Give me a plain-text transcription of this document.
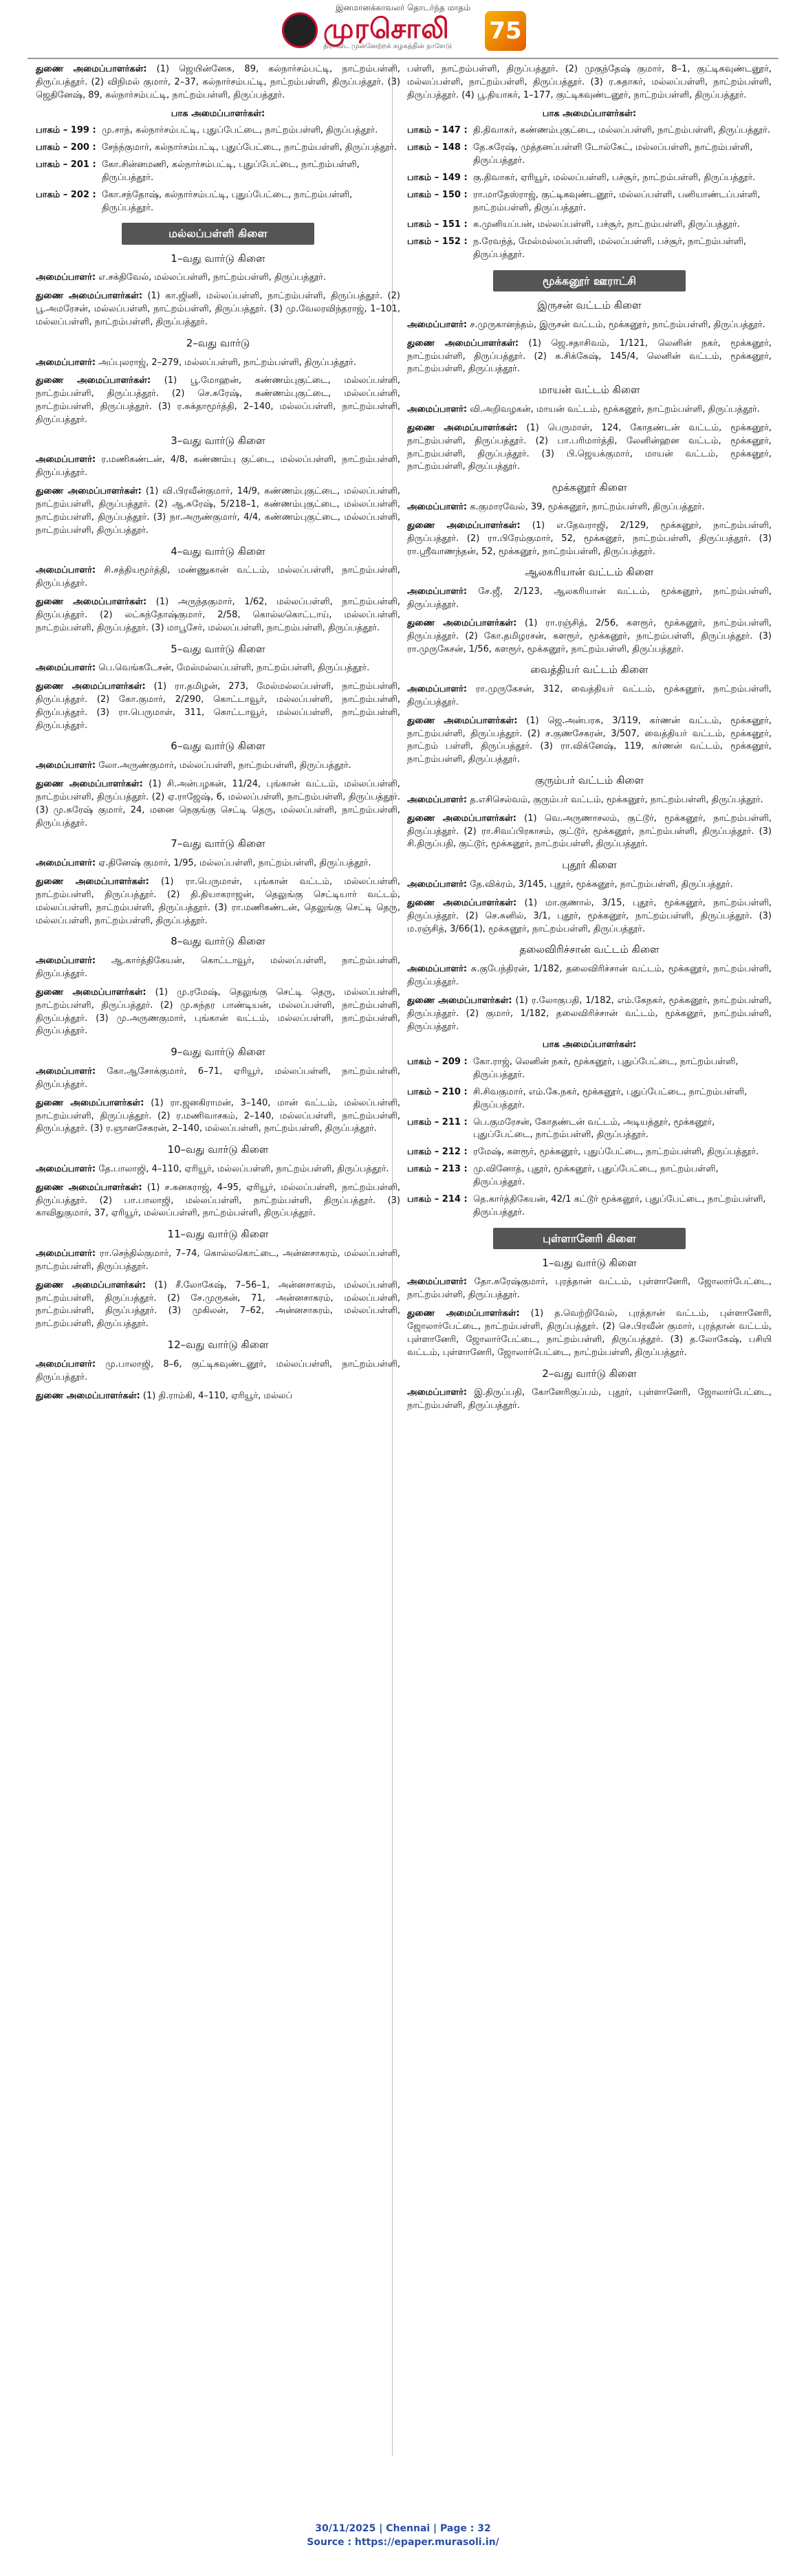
இனமானக்காவலர் தொடர்ந்த மாதம்
முரசொலி
திராவிட முன்னேற்றக் கழகத்தின் நாளேடு
75

துணை அமைப்பாளர்கள்: (1) ஜெயின்னேசு, 89, கல்நார்சம்பட்டி, நாட்றம்பள்ளி, திருப்பத்தூர். (2) விநிமல் குமார், 2–37, கல்நார்சம்பட்டி, நாட்றம்பள்ளி, திருப்பத்தூர். (3) ஜெதினேஷ், 89, கல்நார்சம்பட்டி, நாட்றம்பள்ளி, திருப்பத்தூர்.

பாக அமைப்பாளர்கள்:
பாகம் – 199 : மு.சாந், கல்நார்சம்பட்டி, புதுப்பேட்டை, நாட்றம்பள்ளி, திருப்பத்தூர்.
பாகம் – 200 : சேந்ந்குமார், கல்நார்சம்பட்டி, புதுப்பேட்டை, நாட்றம்பள்ளி, திருப்பத்தூர்.
பாகம் – 201 : கோ.சின்னமணி, கல்நார்சம்பட்டி, புதுப்பேட்டை, நாட்றம்பள்ளி, திருப்பத்தூர்.
பாகம் – 202 : கோ.சந்தோஷ், கல்நார்சம்பட்டி, புதுப்பேட்டை, நாட்றம்பள்ளி, திருப்பத்தூர்.
மல்லப்பள்ளி கிளை
1–வது வார்டு கிளை

அமைப்பாளர்: எ.சக்திவேல், மல்லப்பள்ளி, நாட்றம்பள்ளி, திருப்பத்தூர்.

துணை அமைப்பாளர்கள்: (1) கா.ஜினி, மல்லப்பள்ளி, நாட்றம்பள்ளி, திருப்பத்தூர். (2) பூ.அமரேசன், மல்லப்பள்ளி, நாட்றம்பள்ளி, திருப்பத்தூர். (3) மு.வேலரவிந்தராஜ், 1–101, மல்லப்பள்ளி, நாட்றம்பள்ளி, திருப்பத்தூர்.

2–வது வார்டு

அமைப்பாளர்: அப்புலராஜ், 2–279, மல்லப்பள்ளி, நாட்றம்பள்ளி, திருப்பத்தூர்.

துணை அமைப்பாளர்கள்: (1) பூ.மோஹன், கண்ணம்புகுட்டை, மல்லப்பள்ளி, நாட்றம்பள்ளி, திருப்பத்தூர். (2) செ.சுரேஷ், கண்ணம்புகுட்டை, மல்லப்பள்ளி, நாட்றம்பள்ளி, திருப்பத்தூர். (3) ர.சுக்தாமூர்த்தி, 2–140, மல்லப்பள்ளி, நாட்றம்பள்ளி, திருப்பத்தூர்.

3–வது வார்டு கிளை

அமைப்பாளர்: ர.மணிகண்டன், 4/8, கண்ணம்பு குட்டை, மல்லப்பள்ளி, நாட்றம்பள்ளி, திருப்பத்தூர்.

துணை அமைப்பாளர்கள்: (1) வி.பிரவீன்குமார், 14/9, கண்ணம்புகுட்டை, மல்லப்பள்ளி, நாட்றம்பள்ளி, திருப்பத்தூர். (2) ஆ.சுரேஷ், 5/218–1, கண்ணம்புகுட்டை, மல்லப்பள்ளி, நாட்றம்பள்ளி, திருப்பத்தூர். (3) நா.அருண்குமார், 4/4, கண்ணம்புகுட்டை, மல்லப்பள்ளி, நாட்றம்பள்ளி, திருப்பத்தூர்.

4–வது வார்டு கிளை

அமைப்பாளர்: சி.சத்தியமூர்த்தி, மண்ணுகான் வட்டம், மல்லப்பள்ளி, நாட்றம்பள்ளி, திருப்பத்தூர்.

துணை அமைப்பாளர்கள்: (1) அருந்தகுமார், 1/62, மல்லப்பள்ளி, நாட்றம்பள்ளி, திருப்பத்தூர். (2) லட்சுந்தோஷ்குமார், 2/58, கொல்லகொட்டாய், மல்லப்பள்ளி, நாட்றம்பள்ளி, திருப்பத்தூர். (3) மாபூசேர், மல்லப்பள்ளி, நாட்றம்பள்ளி, திருப்பத்தூர்.

5–வது வார்டு கிளை

அமைப்பாளர்: பெ.வெங்கடேசன், மேல்மல்லப்பள்ளி, நாட்றம்பள்ளி, திருப்பத்தூர்.

துணை அமைப்பாளர்கள்: (1) ரா.தமிழன், 273, மேல்மல்லப்பள்ளி, நாட்றம்பள்ளி, திருப்பத்தூர். (2) கோ.குமார், 2/290, கொட்டாவூர், மல்லப்பள்ளி, நாட்றம்பள்ளி, திருப்பத்தூர். (3) ரா.பெருமாள், 311, கொட்டாவூர், மல்லப்பள்ளி, நாட்றம்பள்ளி, திருப்பத்தூர்.

6–வது வார்டு கிளை

அமைப்பாளர்: லோ.அருண்குமார், மல்லப்பள்ளி, நாட்றம்பள்ளி, திருப்பத்தூர்.

துணை அமைப்பாளர்கள்: (1) சி.அன்பழகன், 11/24, புங்கான் வட்டம், மல்லப்பள்ளி, நாட்றம்பள்ளி, திருப்பத்தூர். (2) ஏ.ராஜேஷ், 6, மல்லப்பள்ளி, நாட்றம்பள்ளி, திருப்பத்தூர். (3) மு.சுரேஷ் குமார், 24, மனை நெகுங்கு செட்டி தெரு, மல்லப்பள்ளி, நாட்றம்பள்ளி, திருப்பத்தூர்.

7–வது வார்டு கிளை

அமைப்பாளர்: ஏ.தினேஷ் குமார், 1/95, மல்லப்பள்ளி, நாட்றம்பள்ளி, திருப்பத்தூர்.

துணை அமைப்பாளர்கள்: (1) ரா.பெருமாள், புங்கான் வட்டம், மல்லப்பள்ளி, நாட்றம்பள்ளி, திருப்பத்தூர். (2) தி.தியாகராஜன், தெலுங்கு செட்டியார் வட்டம், மல்லப்பள்ளி, நாட்றம்பள்ளி, திருப்பத்தூர். (3) ரா.மணிகண்டன், தெலுங்கு செட்டி தெரு, மல்லப்பள்ளி, நாட்றம்பள்ளி, திருப்பத்தூர்.

8–வது வார்டு கிளை

அமைப்பாளர்: ஆ.கார்த்திகேயன், கொட்டாவூர், மல்லப்பள்ளி, நாட்றம்பள்ளி, திருப்பத்தூர்.

துணை அமைப்பாளர்கள்: (1) மு.ரமேஷ், தெலுங்கு செட்டி தெரு, மல்லப்பள்ளி, நாட்றம்பள்ளி, திருப்பத்தூர். (2) மு.சுந்தர பாண்டியன், மல்லப்பள்ளி, நாட்றம்பள்ளி, திருப்பத்தூர். (3) மு.அருணகுமார், புங்கான் வட்டம், மல்லப்பள்ளி, நாட்றம்பள்ளி, திருப்பத்தூர்.

9–வது வார்டு கிளை

அமைப்பாளர்: கோ.ஆசோக்குமார், 6–71, ஏரியூர், மல்லப்பள்ளி, நாட்றம்பள்ளி, திருப்பத்தூர்.

துணை அமைப்பாளர்கள்: (1) ரா.ஜனகிராமன், 3–140, மான் வட்டம், மல்லப்பள்ளி, நாட்றம்பள்ளி, திருப்பத்தூர். (2) ர.மணிவாசகம், 2–140, மல்லப்பள்ளி, நாட்றம்பள்ளி, திருப்பத்தூர். (3) ர.ஞானசேகரன், 2–140, மல்லப்பள்ளி, நாட்றம்பள்ளி, திருப்பத்தூர்.

10–வது வார்டு கிளை

அமைப்பாளர்: தே.பாலாஜி, 4–110, ஏரியூர், மல்லப்பள்ளி, நாட்றம்பள்ளி, திருப்பத்தூர்.

துணை அமைப்பாளர்கள்: (1) ச.கனகராஜ், 4–95, ஏரியூர், மல்லப்பள்ளி, நாட்றம்பள்ளி, திருப்பத்தூர். (2) பா.பாலாஜி, மல்லப்பள்ளி, நாட்றம்பள்ளி, திருப்பத்தூர். (3) காவிதுகுமார், 37, ஏரியூர், மல்லப்பள்ளி, நாட்றம்பள்ளி, திருப்பத்தூர்.

11–வது வார்டு கிளை

அமைப்பாளர்: ரா.செந்தில்குமார், 7–74, கொல்லகொட்டை, அன்னசாகரம், மல்லப்பள்ளி, நாட்றம்பள்ளி, திருப்பத்தூர்.

துணை அமைப்பாளர்கள்: (1) சீ.லோகேஷ், 7–56–1, அன்னசாகரம், மல்லப்பள்ளி, நாட்றம்பள்ளி, திருப்பத்தூர். (2) சே.முருகன், 71, அன்னசாகரம், மல்லப்பள்ளி, நாட்றம்பள்ளி, திருப்பத்தூர். (3) முகிலன், 7–62, அன்னசாகரம், மல்லப்பள்ளி, நாட்றம்பள்ளி, திருப்பத்தூர்.

12–வது வார்டு கிளை

அமைப்பாளர்: மு.பாலாஜி, 8–6, குட்டிகவுண்டனூர், மல்லப்பள்ளி, நாட்றம்பள்ளி, திருப்பத்தூர்.

துணை அமைப்பாளர்கள்: (1) தி.ராம்கி, 4–110, ஏரியூர், மல்லப்

பள்ளி, நாட்றம்பள்ளி, திருப்பத்தூர். (2) முகுந்தேஷ் குமார், 8–1, குட்டிகவுண்டனூர், மல்லப்பள்ளி, நாட்றம்பள்ளி, திருப்பத்தூர். (3) ர.சுதாகர், மல்லப்பள்ளி, நாட்றம்பள்ளி, திருப்பத்தூர். (4) பூ.தியாகர், 1–177, குட்டிகவுண்டனூர், நாட்றம்பள்ளி, திருப்பத்தூர்.

பாக அமைப்பாளர்கள்:
பாகம் – 147 : தி.திவாகர், கண்ணம்புகுட்டை, மல்லப்பள்ளி, நாட்றம்பள்ளி, திருப்பத்தூர்.
பாகம் – 148 : தே.சுரேஷ், முத்தனப்பள்ளி டோல்கேட், மல்லப்பள்ளி, நாட்றம்பள்ளி, திருப்பத்தூர்.
பாகம் – 149 : கு.திவாகர், ஏரியூர், மல்லப்பள்ளி, பச்சூர், நாட்றம்பள்ளி, திருப்பத்தூர்.
பாகம் – 150 : ரா.மாதேஸ்ராஜ், குட்டிகவுண்டனூர், மல்லப்பள்ளி, பனியாண்டப்பள்ளி, நாட்றம்பள்ளி, திருப்பத்தூர்.
பாகம் – 151 : க.முனியப்பன், மல்லப்பள்ளி, பச்சூர், நாட்றம்பள்ளி, திருப்பத்தூர்.
பாகம் – 152 : ந.ரேவந்த், மேல்மல்லப்பள்ளி, மல்லப்பள்ளி, பச்சூர், நாட்றம்பள்ளி, திருப்பத்தூர்.
மூக்கனூர் ஊராட்சி
இருசன் வட்டம் கிளை

அமைப்பாளர்: ச.முருகானந்தம், இருசன் வட்டம், மூக்கனூர், நாட்றம்பள்ளி, திருப்பத்தூர்.

துணை அமைப்பாளர்கள்: (1) ஜெ.சதாசிவம், 1/121, லெனின் நகர், மூக்கனூர், நாட்றம்பள்ளி, திருப்பத்தூர். (2) க.சிக்கேஷ், 145/4, லெனின் வட்டம், மூக்கனூர், நாட்றம்பள்ளி, திருப்பத்தூர்.

மாயன் வட்டம் கிளை

அமைப்பாளர்: வி.அறிவழகன், மாயன் வட்டம், மூக்கனூர், நாட்றம்பள்ளி, திருப்பத்தூர்.

துணை அமைப்பாளர்கள்: (1) பெருமாள், 124, கோதண்டன் வட்டம், மூக்கனூர், நாட்றம்பள்ளி, திருப்பத்தூர். (2) பா.பரிமார்த்தி, லேனின்ஹன வட்டம், மூக்கனூர், நாட்றம்பள்ளி, திருப்பத்தூர். (3) பி.ஜெயக்குமார், மாயன் வட்டம், மூக்கனூர், நாட்றம்பள்ளி, திருப்பத்தூர்.

மூக்கனூர் கிளை

அமைப்பாளர்: க.குமாரவேல், 39, மூக்கனூர், நாட்றம்பள்ளி, திருப்பத்தூர்.

துணை அமைப்பாளர்கள்: (1) எ.தேவராஜி, 2/129, மூக்கனூர், நாட்றம்பள்ளி, திருப்பத்தூர். (2) ரா.பிரேம்குமார், 52, மூக்கனூர், நாட்றம்பள்ளி, திருப்பத்தூர். (3) ரா.ஸ்ரீவாணந்தன், 52, மூக்கனூர், நாட்றம்பள்ளி, திருப்பத்தூர்.

ஆலகரியான் வட்டம் கிளை

அமைப்பாளர்: சே.ஜீ, 2/123, ஆலகரியான் வட்டம், மூக்கனூர், நாட்றம்பள்ளி, திருப்பத்தூர்.

துணை அமைப்பாளர்கள்: (1) ரா.ரஞ்சித், 2/56, களரூர், மூக்கனூர், நாட்றம்பள்ளி, திருப்பத்தூர். (2) கோ.தமிழரசன், களரூர், மூக்கனூர், நாட்றம்பள்ளி, திருப்பத்தூர். (3) ரா.முருகேசன், 1/56, களரூர், மூக்கனூர், நாட்றம்பள்ளி, திருப்பத்தூர்.

வைத்தியர் வட்டம் கிளை

அமைப்பாளர்: ரா.முருகேசன், 312, வைத்தியர் வட்டம், மூக்கனூர், நாட்றம்பள்ளி, திருப்பத்தூர்.

துணை அமைப்பாளர்கள்: (1) ஜெ.அன்பரசு, 3/119, கர்ணன் வட்டம், மூக்கனூர், நாட்றம்பள்ளி, திருப்பத்தூர். (2) ச.குணசேகரன், 3/507, வைத்தியர் வட்டம், மூக்கனூர், நாட்றம் பள்ளி, திருப்பத்தூர். (3) ரா.விக்னேஷ், 119, கர்ணன் வட்டம், மூக்கனூர், நாட்றம்பள்ளி, திருப்பத்தூர்.

குரும்பர் வட்டம் கிளை

அமைப்பாளர்: த.எசிசெல்வம், குரும்பர் வட்டம், மூக்கனூர், நாட்றம்பள்ளி, திருப்பத்தூர்.

துணை அமைப்பாளர்கள்: (1) வெ.அருணாசலம், குட்டூர், மூக்கனூர், நாட்றம்பள்ளி, திருப்பத்தூர். (2) ரா.சிவப்பிரகாசம், குட்டூர், மூக்கனூர், நாட்றம்பள்ளி, திருப்பத்தூர். (3) சி.திருப்பதி, குட்டூர், மூக்கனூர், நாட்றம்பள்ளி, திருப்பத்தூர்.

புதூர் கிளை

அமைப்பாளர்: தே.விக்ரம், 3/145, புதூர், மூக்கனூர், நாட்றம்பள்ளி, திருப்பத்தூர்.

துணை அமைப்பாளர்கள்: (1) மா.குணால், 3/15, புதூர், மூக்கனூர், நாட்றம்பள்ளி, திருப்பத்தூர். (2) செ.சுனில், 3/1, புதூர், மூக்கனூர், நாட்றம்பள்ளி, திருப்பத்தூர். (3) ம.ரஞ்சித், 3/66(1), மூக்கனூர், நாட்றம்பள்ளி, திருப்பத்தூர்.

தலைவிரிச்சான் வட்டம் கிளை

அமைப்பாளர்: சு.குபேந்திரன், 1/182, தலைவிரிச்சான் வட்டம், மூக்கனூர், நாட்றம்பள்ளி, திருப்பத்தூர்.

துணை அமைப்பாளர்கள்: (1) ர.லோகுபதி, 1/182, எம்.கேநகர், மூக்கனூர், நாட்றம்பள்ளி, திருப்பத்தூர். (2) குமார், 1/182, தலைவிரிச்சான் வட்டம், மூக்கனூர், நாட்றம்பள்ளி, திருப்பத்தூர்.

பாக அமைப்பாளர்கள்:
பாகம் – 209 : கோ.ராஜ், லெனின் நகர், மூக்கனூர், புதுப்பேட்டை, நாட்றம்பள்ளி, திருப்பத்தூர்.
பாகம் – 210 : சி.சிவகுமார், எம்.கே.நகர், மூக்கனூர், புதுப்பேட்டை, நாட்றம்பள்ளி, திருப்பத்தூர்.
பாகம் – 211 : பெ.குமரேசன், கோதண்டன் வட்டம், அடியத்தூர், மூக்கனூர், புதுப்பேட்டை, நாட்றம்பள்ளி, திருப்பத்தூர்.
பாகம் – 212 : ரமேஷ், களரூர், மூக்கனூர், புதுப்பேட்டை, நாட்றம்பள்ளி, திருப்பத்தூர்.
பாகம் – 213 : மு.வினோத், புதூர், மூக்கனூர், புதுப்பேட்டை, நாட்றம்பள்ளி, திருப்பத்தூர்.
பாகம் – 214 : தெ.கார்த்திகேயன், 42/1 கட்டூர் மூக்கனூர், புதுப்பேட்டை, நாட்றம்பள்ளி, திருப்பத்தூர்.
புள்ளானேரி கிளை
1–வது வார்டு கிளை

அமைப்பாளர்: தோ.சுரேஷ்குமார், புரத்தான் வட்டம், புள்ளானேரி, ஜோலார்பேட்டை, நாட்றம்பள்ளி, திருப்பத்தூர்.

துணை அமைப்பாளர்கள்: (1) த.வெற்றிவேல், புரத்தான் வட்டம், புள்ளானேரி, ஜோலார்பேட்டை, நாட்றம்பள்ளி, திருப்பத்தூர். (2) செ.பிரவீன் குமார், புரத்தான் வட்டம், புள்ளானேரி, ஜோலார்பேட்டை, நாட்றம்பள்ளி, திருப்பத்தூர். (3) த.லோகேஷ், பசியி வட்டம், புள்ளானேரி, ஜோலார்பேட்டை, நாட்றம்பள்ளி, திருப்பத்தூர்.

2–வது வார்டு கிளை

அமைப்பாளர்: இ.திருப்பதி, கோனேரிகுப்பம், புதூர், புள்ளானேரி, ஜோலார்பேட்டை, நாட்றம்பள்ளி, திருப்பத்தூர்.

30/11/2025 | Chennai | Page : 32
Source : https://epaper.murasoli.in/
